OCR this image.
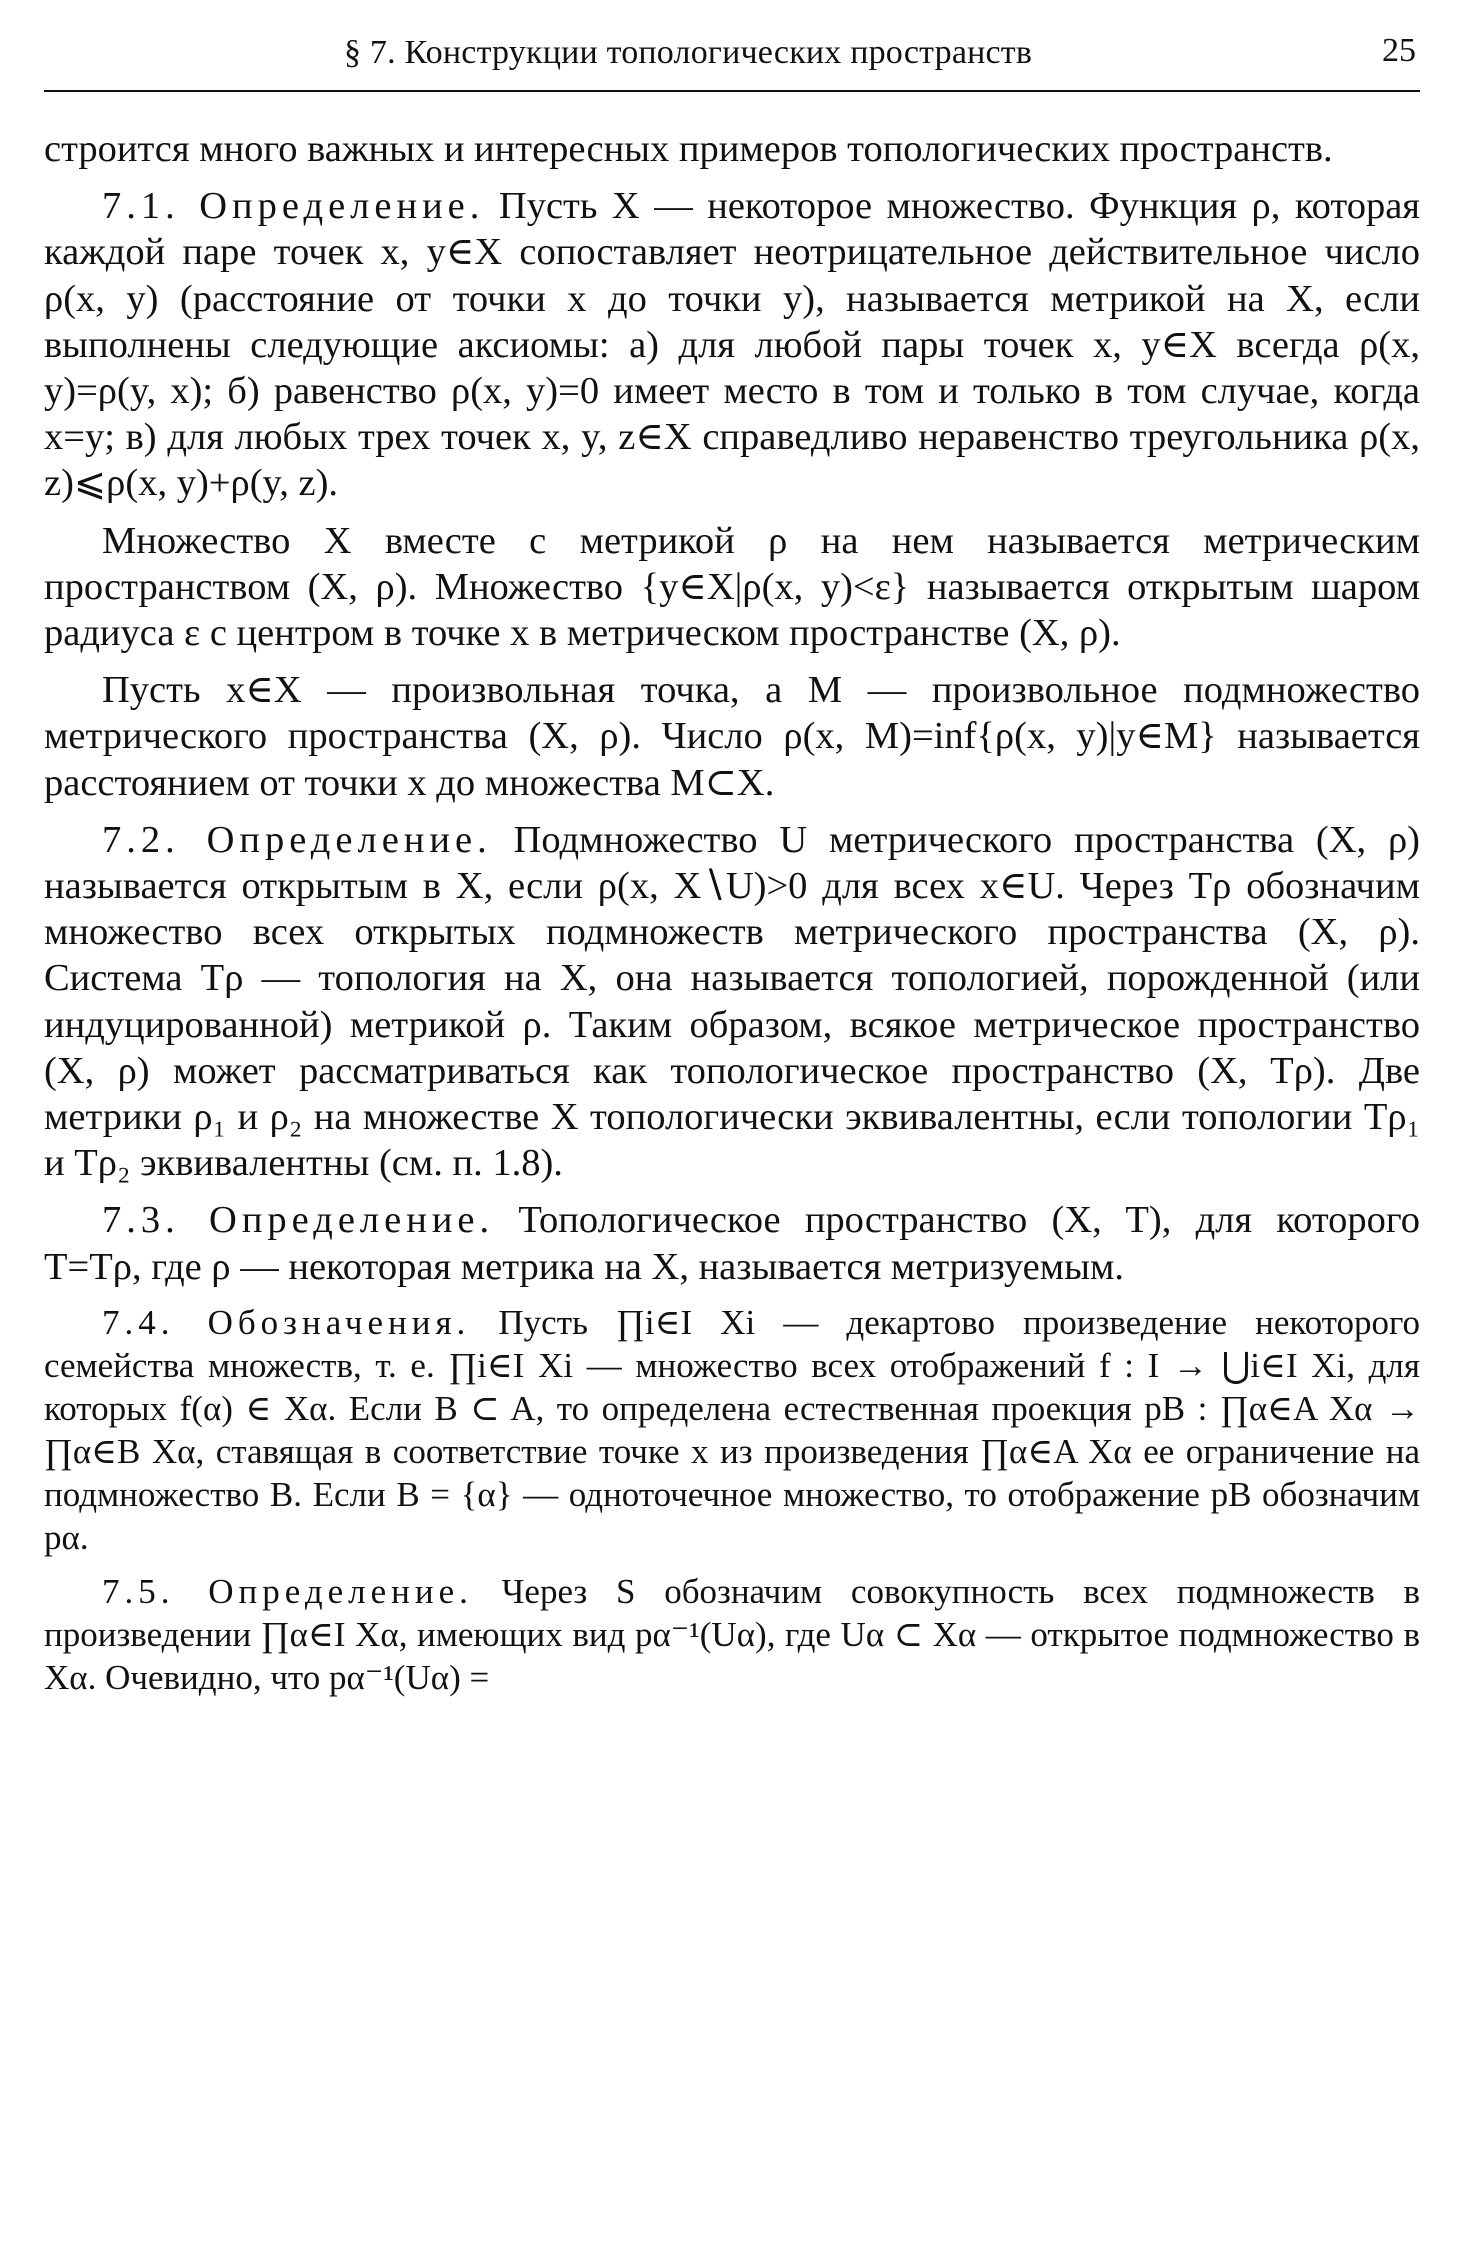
§ 7. Конструкции топологических пространств	25

строится много важных и интересных примеров топологических пространств.

7.1. Определение. Пусть X — некоторое множество. Функция ρ, которая каждой паре точек x, y∈X сопоставляет неотрицательное действительное число ρ(x, y) (расстояние от точки x до точки y), называется метрикой на X, если выполнены следующие аксиомы: а) для любой пары точек x, y∈X всегда ρ(x, y)=ρ(y, x); б) равенство ρ(x, y)=0 имеет место в том и только в том случае, когда x=y; в) для любых трех точек x, y, z∈X справедливо неравенство треугольника ρ(x, z)⩽ρ(x, y)+ρ(y, z).

Множество X вместе с метрикой ρ на нем называется метрическим пространством (X, ρ). Множество {y∈X|ρ(x, y)<ε} называется открытым шаром радиуса ε с центром в точке x в метрическом пространстве (X, ρ).

Пусть x∈X — произвольная точка, а M — произвольное подмножество метрического пространства (X, ρ). Число ρ(x, M)=inf{ρ(x, y)|y∈M} называется расстоянием от точки x до множества M⊂X.

7.2. Определение. Подмножество U метрического пространства (X, ρ) называется открытым в X, если ρ(x, X∖U)>0 для всех x∈U. Через Tρ обозначим множество всех открытых подмножеств метрического пространства (X, ρ). Система Tρ — топология на X, она называется топологией, порожденной (или индуцированной) метрикой ρ. Таким образом, всякое метрическое пространство (X, ρ) может рассматриваться как топологическое пространство (X, Tρ). Две метрики ρ₁ и ρ₂ на множестве X топологически эквивалентны, если топологии Tρ₁ и Tρ₂ эквивалентны (см. п. 1.8).

7.3. Определение. Топологическое пространство (X, T), для которого T=Tρ, где ρ — некоторая метрика на X, называется метризуемым.

7.4. Обозначения. Пусть ∏i∈I Xi — декартово произведение некоторого семейства множеств, т. е. ∏i∈I Xi — множество всех отображений f : I → ⋃i∈I Xi, для которых f(α) ∈ Xα. Если B ⊂ A, то определена естественная проекция pB : ∏α∈A Xα → ∏α∈B Xα, ставящая в соответствие точке x из произведения ∏α∈A Xα ее ограничение на подмножество B. Если B = {α} — одноточечное множество, то отображение pB обозначим pα.

7.5. Определение. Через S обозначим совокупность всех подмножеств в произведении ∏α∈I Xα, имеющих вид pα⁻¹(Uα), где Uα ⊂ Xα — открытое подмножество в Xα. Очевидно, что pα⁻¹(Uα) =
